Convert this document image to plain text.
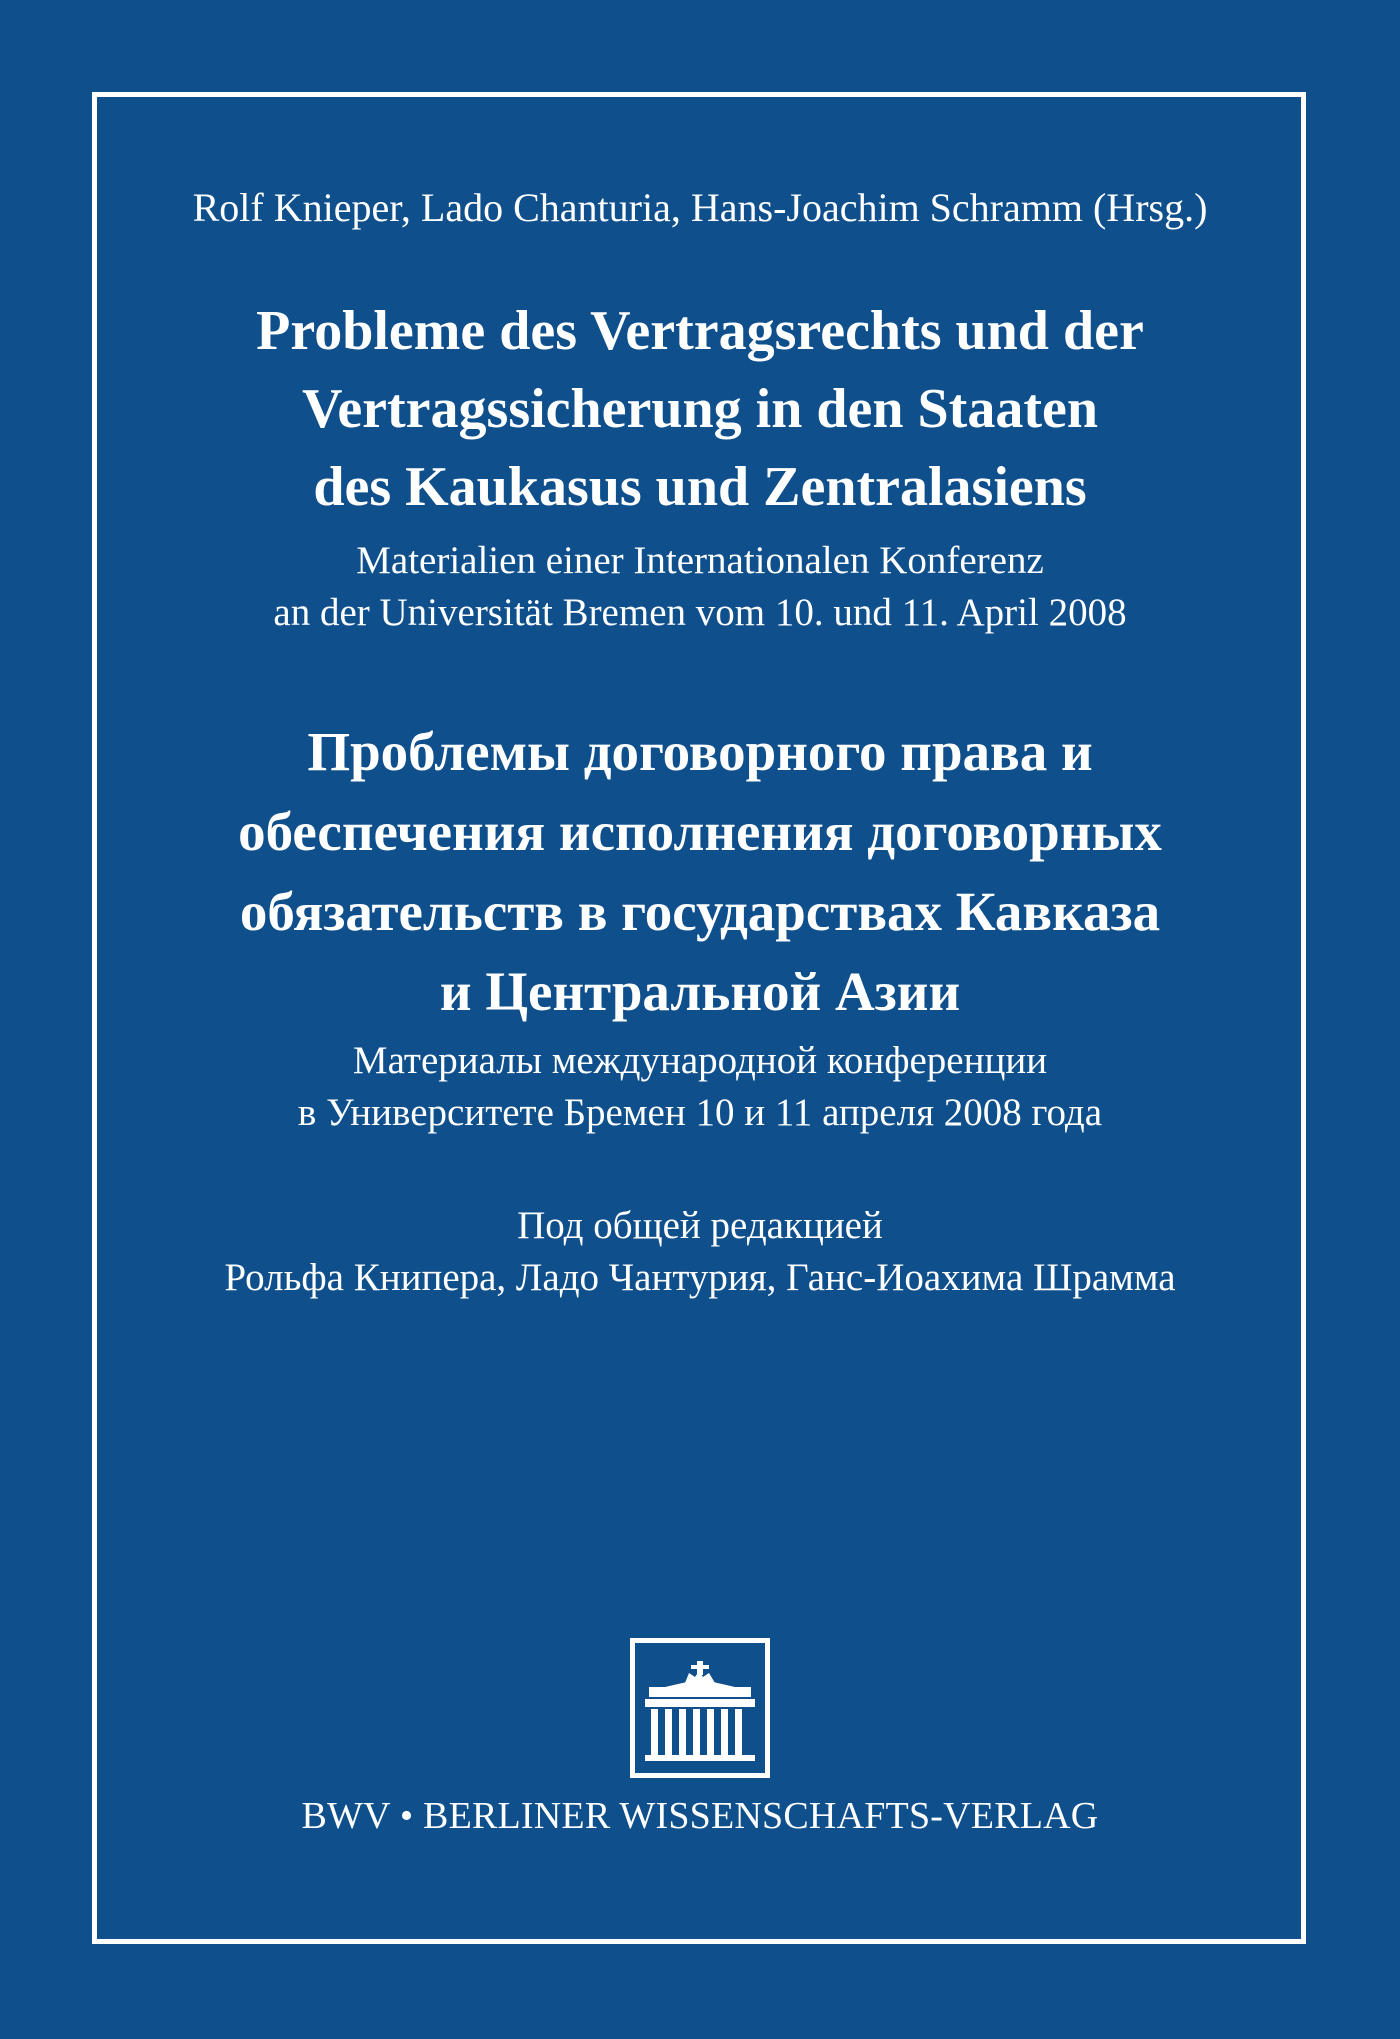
Rolf Knieper, Lado Chanturia, Hans-Joachim Schramm (Hrsg.)

Probleme des Vertragsrechts und der
Vertragssicherung in den Staaten
des Kaukasus und Zentralasiens
Materialien einer Internationalen Konferenz
an der Universität Bremen vom 10. und 11. April 2008
Проблемы договорного права и
обеспечения исполнения договорных
обязательств в государствах Кавказа
и Центральной Азии
Материалы международной конференции
в Университете Бремен 10 и 11 апреля 2008 года

Под общей редакцией

Рольфа Книпера, Ладо Чантурия, Ганс-Иоахима Шрамма

BWV • BERLINER WISSENSCHAFTS-VERLAG
